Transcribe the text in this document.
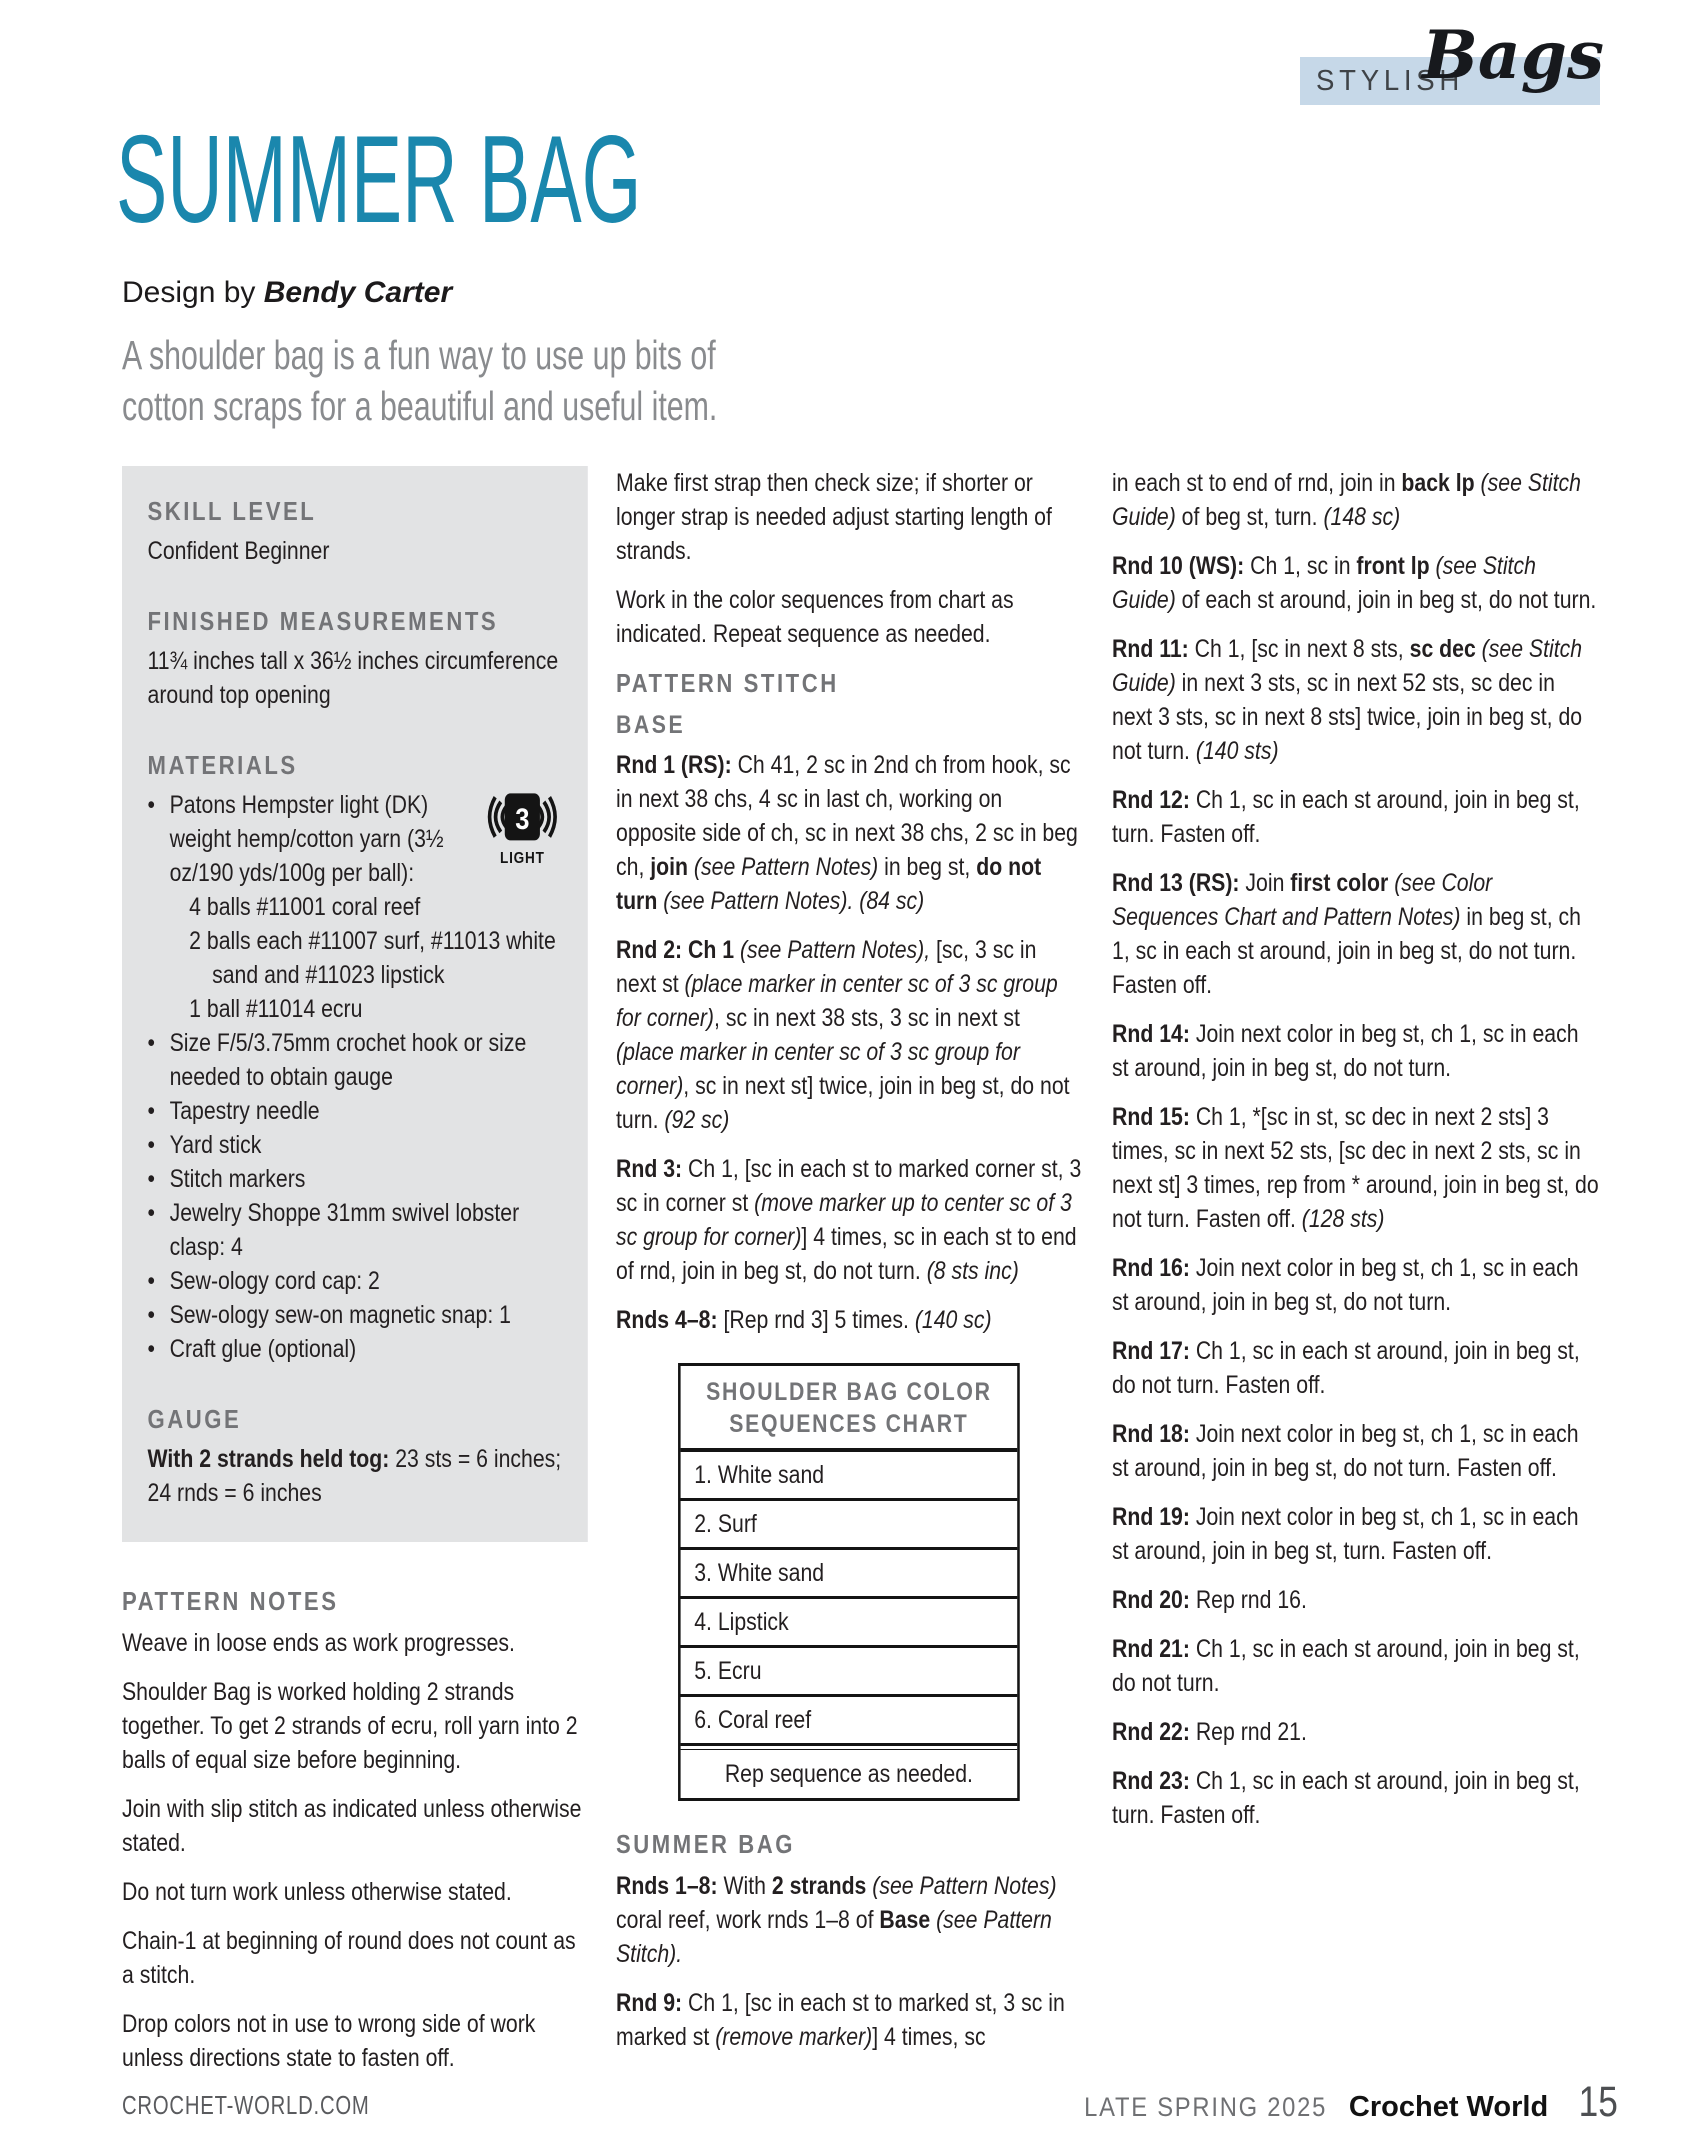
STYLISH
Bags
SUMMER BAG
Design by Bendy Carter
A shoulder bag is a fun way to use up bits of
cotton scraps for a beautiful and useful item.
SKILL LEVEL
Confident Beginner
FINISHED MEASUREMENTS
11¾ inches tall x 36½ inches circumference around top opening
MATERIALS
•	3
LIGHT
Patons Hempster light (DK) weight hemp/cotton yarn (3½ oz/190 yds/100g per ball):
4 balls #11001 coral reef
2 balls each #11007 surf, #11013 white sand and #11023 lipstick
1 ball #11014 ecru
• Size F/5/3.75mm crochet hook or size needed to obtain gauge
• Tapestry needle
• Yard stick
• Stitch markers
• Jewelry Shoppe 31mm swivel lobster clasp: 4
• Sew-ology cord cap: 2
• Sew-ology sew-on magnetic snap: 1
• Craft glue (optional)
GAUGE
With 2 strands held tog: 23 sts = 6 inches; 24 rnds = 6 inches
PATTERN NOTES

Weave in loose ends as work progresses.

Shoulder Bag is worked holding 2 strands together. To get 2 strands of ecru, roll yarn into 2 balls of equal size before beginning.

Join with slip stitch as indicated unless otherwise stated.

Do not turn work unless otherwise stated.

Chain-1 at beginning of round does not count as a stitch.

Drop colors not in use to wrong side of work unless directions state to fasten off.

Make first strap then check size; if shorter or longer strap is needed adjust starting length of strands.

Work in the color sequences from chart as indicated. Repeat sequence as needed.

PATTERN STITCH
BASE

Rnd 1 (RS): Ch 41, 2 sc in 2nd ch from hook, sc in next 38 chs, 4 sc in last ch, working on opposite side of ch, sc in next 38 chs, 2 sc in beg ch, join (see Pattern Notes) in beg st, do not turn (see Pattern Notes). (84 sc)

Rnd 2: Ch 1 (see Pattern Notes), [sc, 3 sc in next st (place marker in center sc of 3 sc group for corner), sc in next 38 sts, 3 sc in next st (place marker in center sc of 3 sc group for corner), sc in next st] twice, join in beg st, do not turn. (92 sc)

Rnd 3: Ch 1, [sc in each st to marked corner st, 3 sc in corner st (move marker up to center sc of 3 sc group for corner)] 4 times, sc in each st to end of rnd, join in beg st, do not turn. (8 sts inc)

Rnds 4–8: [Rep rnd 3] 5 times. (140 sc)

SHOULDER BAG COLOR SEQUENCES CHART
1. White sand
2. Surf
3. White sand
4. Lipstick
5. Ecru
6. Coral reef
Rep sequence as needed.
SUMMER BAG

Rnds 1–8: With 2 strands (see Pattern Notes) coral reef, work rnds 1–8 of Base (see Pattern Stitch).

Rnd 9: Ch 1, [sc in each st to marked st, 3 sc in marked st (remove marker)] 4 times, sc

in each st to end of rnd, join in back lp (see Stitch Guide) of beg st, turn. (148 sc)

Rnd 10 (WS): Ch 1, sc in front lp (see Stitch Guide) of each st around, join in beg st, do not turn.

Rnd 11: Ch 1, [sc in next 8 sts, sc dec (see Stitch Guide) in next 3 sts, sc in next 52 sts, sc dec in next 3 sts, sc in next 8 sts] twice, join in beg st, do not turn. (140 sts)

Rnd 12: Ch 1, sc in each st around, join in beg st, turn. Fasten off.

Rnd 13 (RS): Join first color (see Color Sequences Chart and Pattern Notes) in beg st, ch 1, sc in each st around, join in beg st, do not turn. Fasten off.

Rnd 14: Join next color in beg st, ch 1, sc in each st around, join in beg st, do not turn.

Rnd 15: Ch 1, *[sc in st, sc dec in next 2 sts] 3 times, sc in next 52 sts, [sc dec in next 2 sts, sc in next st] 3 times, rep from * around, join in beg st, do not turn. Fasten off. (128 sts)

Rnd 16: Join next color in beg st, ch 1, sc in each st around, join in beg st, do not turn.

Rnd 17: Ch 1, sc in each st around, join in beg st, do not turn. Fasten off.

Rnd 18: Join next color in beg st, ch 1, sc in each st around, join in beg st, do not turn. Fasten off.

Rnd 19: Join next color in beg st, ch 1, sc in each st around, join in beg st, turn. Fasten off.

Rnd 20: Rep rnd 16.

Rnd 21: Ch 1, sc in each st around, join in beg st, do not turn.

Rnd 22: Rep rnd 21.

Rnd 23: Ch 1, sc in each st around, join in beg st, turn. Fasten off.

CROCHET-WORLD.COM	LATE SPRING 2025 Crochet World 15
